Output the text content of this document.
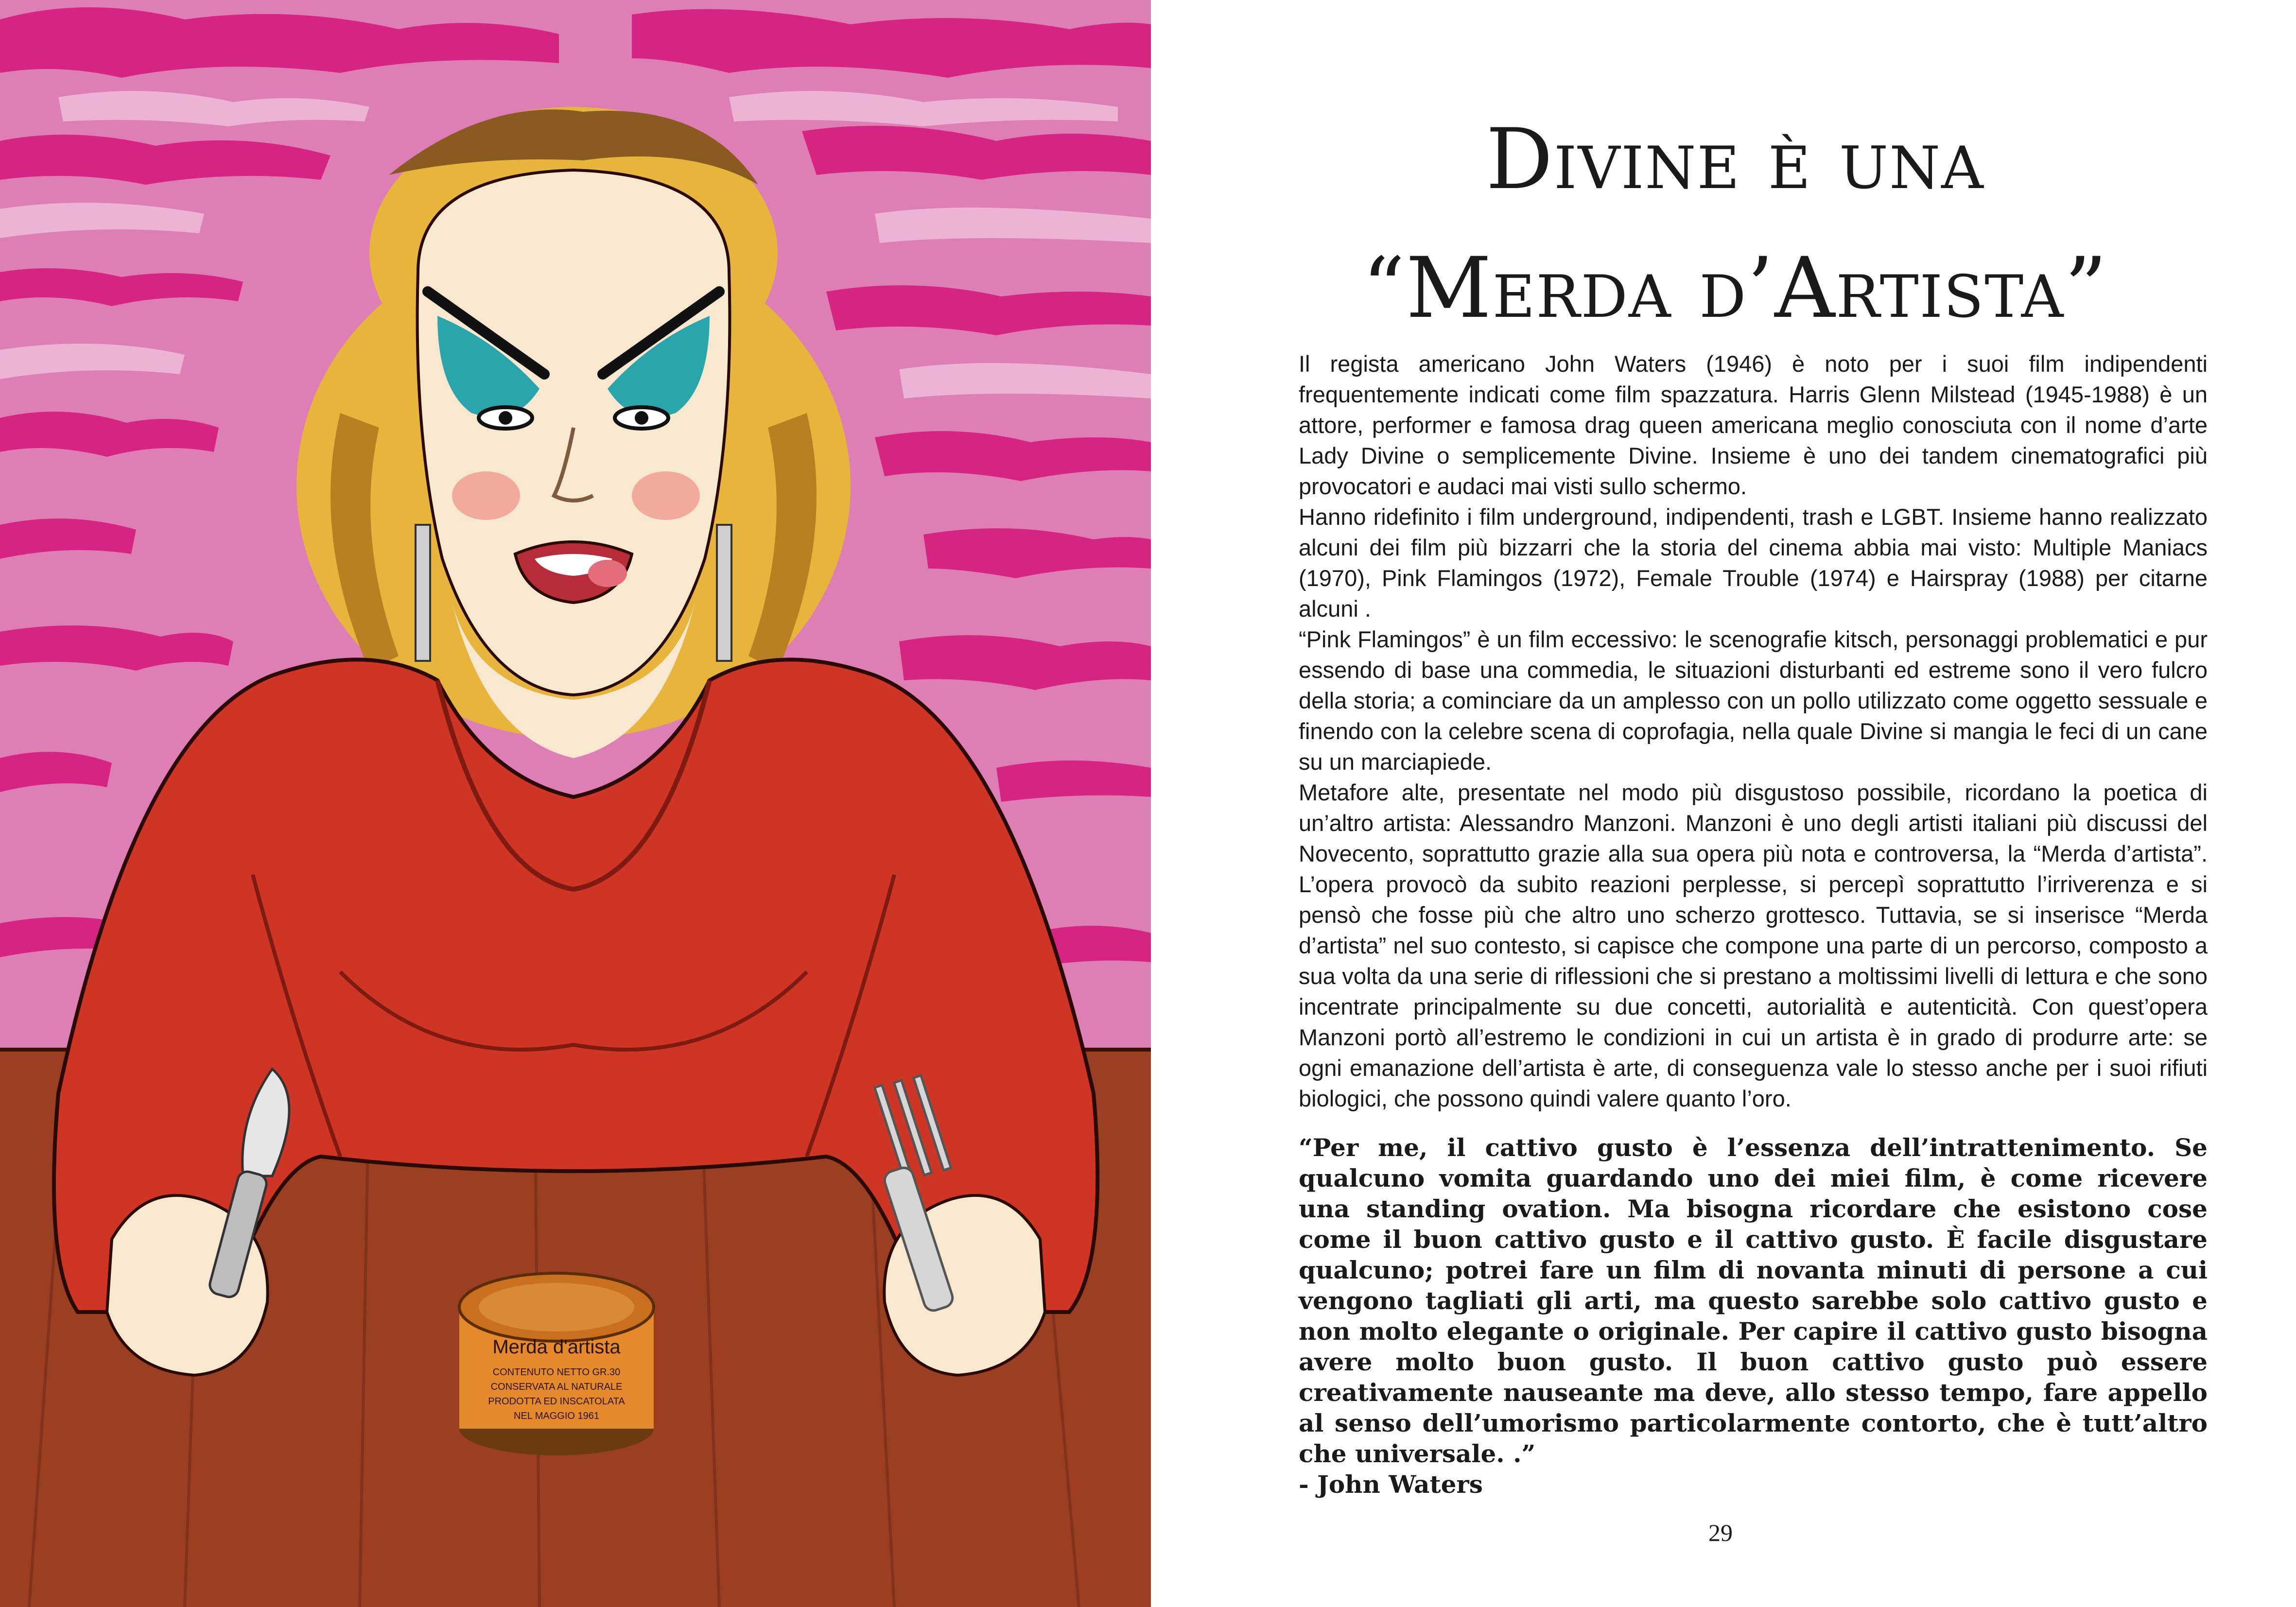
Merda d'artista
CONTENUTO NETTO GR.30
CONSERVATA AL NATURALE
PRODOTTA ED INSCATOLATA
NEL MAGGIO 1961
Divine è una
“Merda d’Artista”

Il regista americano John Waters (1946) è noto per i suoi film indipendenti frequentemente indicati come film spazzatura. Harris Glenn Milstead (1945-1988) è un attore, performer e famosa drag queen americana meglio conosciuta con il nome d’arte Lady Divine o semplicemente Divine. Insieme è uno dei tandem cinematografici più provocatori e audaci mai visti sullo schermo.

Hanno ridefinito i film underground, indipendenti, trash e LGBT. Insieme hanno realizzato alcuni dei film più bizzarri che la storia del cinema abbia mai visto: Multiple Maniacs (1970), Pink Flamingos (1972), Female Trouble (1974) e Hairspray (1988) per citarne alcuni .

“Pink Flamingos” è un film eccessivo: le scenografie kitsch, personaggi problematici e pur essendo di base una commedia, le situazioni disturbanti ed estreme sono il vero fulcro della storia; a cominciare da un amplesso con un pollo utilizzato come oggetto sessuale e finendo con la celebre scena di coprofagia, nella quale Divine si mangia le feci di un cane su un marciapiede.

Metafore alte, presentate nel modo più disgustoso possibile, ricordano la poetica di un’altro artista: Alessandro Manzoni. Manzoni è uno degli artisti italiani più discussi del Novecento, soprattutto grazie alla sua opera più nota e controversa, la “Merda d’artista”. L’opera provocò da subito reazioni perplesse, si percepì soprattutto l’irriverenza e si pensò che fosse più che altro uno scherzo grottesco. Tuttavia, se si inserisce “Merda d’artista” nel suo contesto, si capisce che compone una parte di un percorso, composto a sua volta da una serie di riflessioni che si prestano a moltissimi livelli di lettura e che sono incentrate principalmente su due concetti, autorialità e autenticità. Con quest’opera Manzoni portò all’estremo le condizioni in cui un artista è in grado di produrre arte: se ogni emanazione dell’artista è arte, di conseguenza vale lo stesso anche per i suoi rifiuti biologici, che possono quindi valere quanto l’oro.

“Per me, il cattivo gusto è l’essenza dell’intrattenimento. Se qualcuno vomita guardando uno dei miei film, è come ricevere una standing ovation. Ma bisogna ricordare che esistono cose come il buon cattivo gusto e il cattivo gusto. È facile disgustare qualcuno; potrei fare un film di novanta minuti di persone a cui vengono tagliati gli arti, ma questo sarebbe solo cattivo gusto e non molto elegante o originale. Per capire il cattivo gusto bisogna avere molto buon gusto. Il buon cattivo gusto può essere creativamente nauseante ma deve, allo stesso tempo, fare appello al senso dell’umorismo particolarmente contorto, che è tutt’altro che universale. .”

- John Waters

29
